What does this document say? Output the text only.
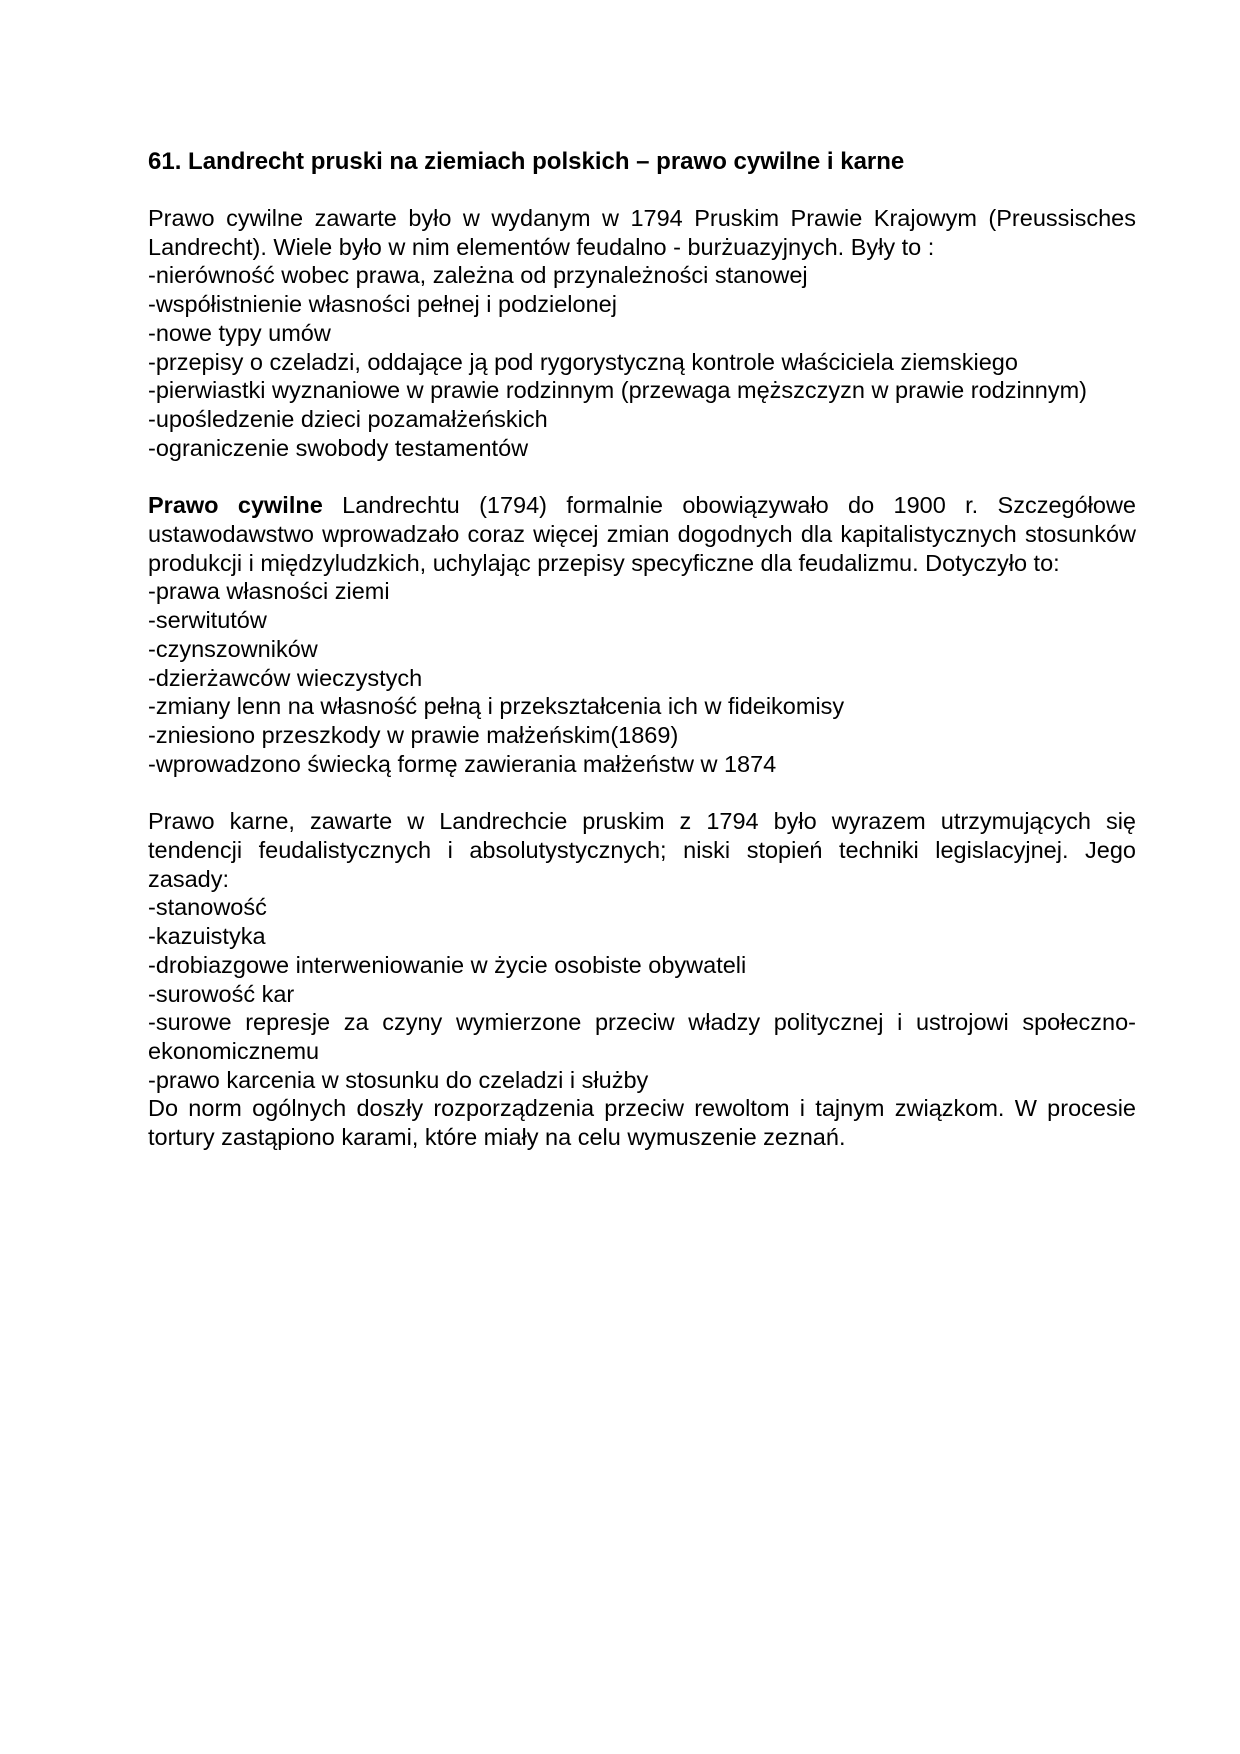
61. Landrecht pruski na ziemiach polskich – prawo cywilne i karne

Prawo cywilne zawarte było w wydanym w 1794 Pruskim Prawie Krajowym (Preussisches Landrecht). Wiele było w nim elementów feudalno - burżuazyjnych. Były to :

-nierówność wobec prawa, zależna od przynależności stanowej

-współistnienie własności pełnej i podzielonej

-nowe typy umów

-przepisy o czeladzi, oddające ją pod rygorystyczną kontrole właściciela ziemskiego

-pierwiastki wyznaniowe w prawie rodzinnym (przewaga męższczyzn w prawie rodzinnym)

-upośledzenie dzieci pozamałżeńskich

-ograniczenie swobody testamentów

Prawo cywilne Landrechtu (1794) formalnie obowiązywało do 1900 r. Szczegółowe ustawodawstwo wprowadzało coraz więcej zmian dogodnych dla kapitalistycznych stosunków produkcji i międzyludzkich, uchylając przepisy specyficzne dla feudalizmu. Dotyczyło to:

-prawa własności ziemi

-serwitutów

-czynszowników

-dzierżawców wieczystych

-zmiany lenn na własność pełną i przekształcenia ich w fideikomisy

-zniesiono przeszkody w prawie małżeńskim(1869)

-wprowadzono świecką formę zawierania małżeństw w 1874

Prawo karne, zawarte w Landrechcie pruskim z 1794 było wyrazem utrzymujących się tendencji feudalistycznych i absolutystycznych; niski stopień techniki legislacyjnej. Jego zasady:

-stanowość

-kazuistyka

-drobiazgowe interweniowanie w życie osobiste obywateli

-surowość kar

-surowe represje za czyny wymierzone przeciw władzy politycznej i ustrojowi społeczno-ekonomicznemu

-prawo karcenia w stosunku do czeladzi i służby

Do norm ogólnych doszły rozporządzenia przeciw rewoltom i tajnym związkom. W procesie tortury zastąpiono karami, które miały na celu wymuszenie zeznań.
